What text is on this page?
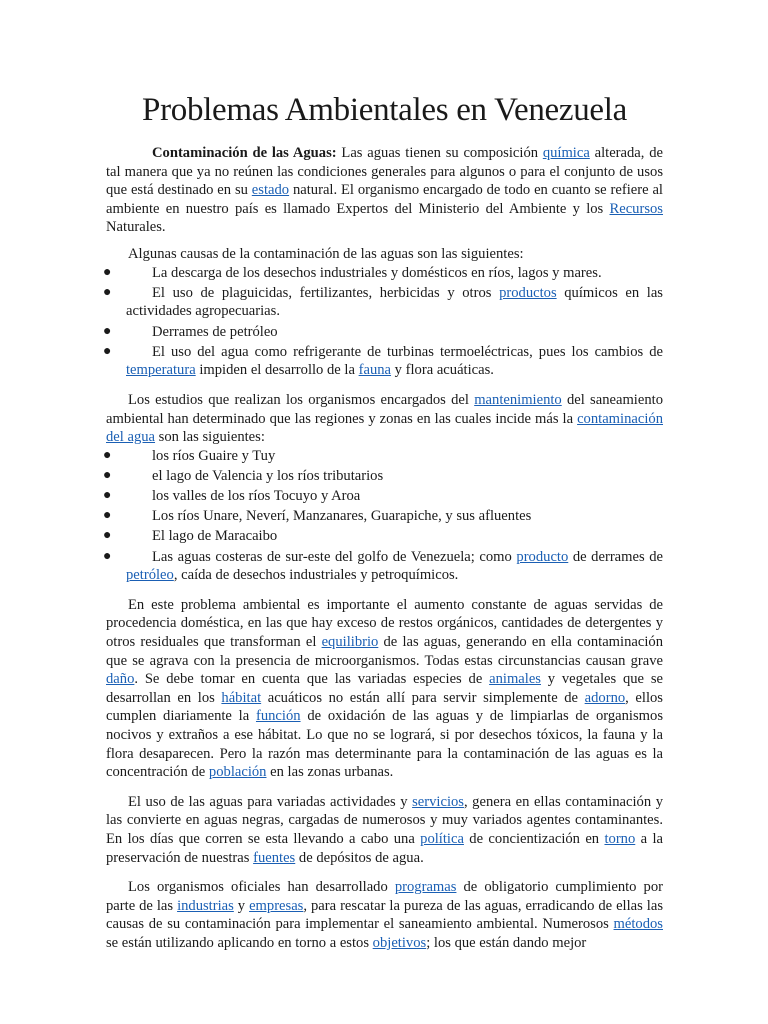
Problemas Ambientales en Venezuela

Contaminación de las Aguas: Las aguas tienen su composición química alterada, de tal manera que ya no reúnen las condiciones generales para algunos o para el conjunto de usos que está destinado en su estado natural. El organismo encargado de todo en cuanto se refiere al ambiente en nuestro país es llamado Expertos del Ministerio del Ambiente y los Recursos Naturales.

Algunas causas de la contaminación de las aguas son las siguientes:

●	La descarga de los desechos industriales y domésticos en ríos, lagos y mares.
●	El uso de plaguicidas, fertilizantes, herbicidas y otros productos químicos en las actividades agropecuarias.
●	Derrames de petróleo
●	El uso del agua como refrigerante de turbinas termoeléctricas, pues los cambios de temperatura impiden el desarrollo de la fauna y flora acuáticas.

Los estudios que realizan los organismos encargados del mantenimiento del saneamiento ambiental han determinado que las regiones y zonas en las cuales incide más la contaminación del agua son las siguientes:

●	los ríos Guaire y Tuy
●	el lago de Valencia y los ríos tributarios
●	los valles de los ríos Tocuyo y Aroa
●	Los ríos Unare, Neverí, Manzanares, Guarapiche, y sus afluentes
●	El lago de Maracaibo
●	Las aguas costeras de sur-este del golfo de Venezuela; como producto de derrames de petróleo, caída de desechos industriales y petroquímicos.

En este problema ambiental es importante el aumento constante de aguas servidas de procedencia doméstica, en las que hay exceso de restos orgánicos, cantidades de detergentes y otros residuales que transforman el equilibrio de las aguas, generando en ella contaminación que se agrava con la presencia de microorganismos. Todas estas circunstancias causan grave daño. Se debe tomar en cuenta que las variadas especies de animales y vegetales que se desarrollan en los hábitat acuáticos no están allí para servir simplemente de adorno, ellos cumplen diariamente la función de oxidación de las aguas y de limpiarlas de organismos nocivos y extraños a ese hábitat. Lo que no se logrará, si por desechos tóxicos, la fauna y la flora desaparecen. Pero la razón mas determinante para la contaminación de las aguas es la concentración de población en las zonas urbanas.

El uso de las aguas para variadas actividades y servicios, genera en ellas contaminación y las convierte en aguas negras, cargadas de numerosos y muy variados agentes contaminantes. En los días que corren se esta llevando a cabo una política de concientización en torno a la preservación de nuestras fuentes de depósitos de agua.

Los organismos oficiales han desarrollado programas de obligatorio cumplimiento por parte de las industrias y empresas, para rescatar la pureza de las aguas, erradicando de ellas las causas de su contaminación para implementar el saneamiento ambiental. Numerosos métodos se están utilizando aplicando en torno a estos objetivos; los que están dando mejor
